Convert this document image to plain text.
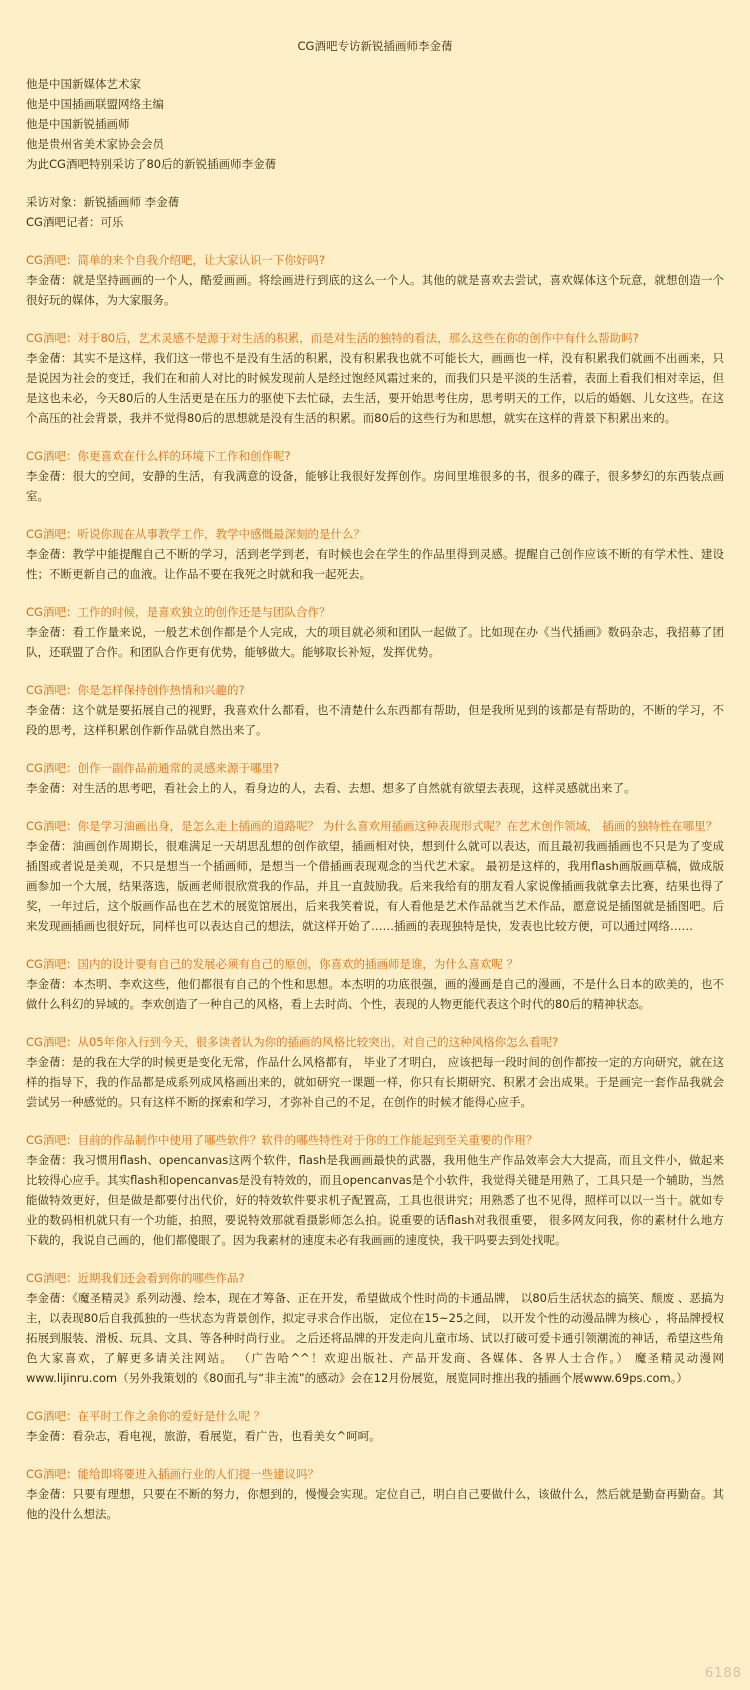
CG酒吧专访新锐插画师李金蒨

他是中国新媒体艺术家

他是中国插画联盟网络主编

他是中国新锐插画师

他是贵州省美术家协会会员

为此CG酒吧特别采访了80后的新锐插画师李金蒨

采访对象：新锐插画师 李金蒨

CG酒吧记者：可乐

CG酒吧：简单的来个自我介绍吧，让大家认识一下你好吗?

李金蒨：就是坚持画画的一个人，酷爱画画。将绘画进行到底的这么一个人。其他的就是喜欢去尝试，喜欢媒体这个玩意，就想创造一个很好玩的媒体，为大家服务。

CG酒吧：对于80后，艺术灵感不是源于对生活的积累，而是对生活的独特的看法，那么这些在你的创作中有什么帮助吗?

李金蒨：其实不是这样，我们这一带也不是没有生活的积累，没有积累我也就不可能长大，画画也一样，没有积累我们就画不出画来，只是说因为社会的变迁，我们在和前人对比的时候发现前人是经过饱经风霜过来的，而我们只是平淡的生活着，表面上看我们相对幸运，但是这也未必，今天80后的人生活更是在压力的驱使下去忙碌，去生活，要开始思考住房，思考明天的工作，以后的婚姻、儿女这些。在这个高压的社会背景，我并不觉得80后的思想就是没有生活的积累。而80后的这些行为和思想，就实在这样的背景下积累出来的。

CG酒吧：你更喜欢在什么样的环境下工作和创作呢?

李金蒨：很大的空间，安静的生活，有我满意的设备，能够让我很好发挥创作。房间里堆很多的书，很多的碟子，很多梦幻的东西装点画室。

CG酒吧：听说你现在从事教学工作，教学中感慨最深刻的是什么？

李金蒨：教学中能提醒自己不断的学习，活到老学到老，有时候也会在学生的作品里得到灵感。提醒自己创作应该不断的有学术性、建设性；不断更新自己的血液。让作品不要在我死之时就和我一起死去。

CG酒吧：工作的时候，是喜欢独立的创作还是与团队合作？

李金蒨：看工作量来说，一般艺术创作都是个人完成，大的项目就必须和团队一起做了。比如现在办《当代插画》数码杂志，我招募了团队，还联盟了合作。和团队合作更有优势，能够做大。能够取长补短，发挥优势。

CG酒吧：你是怎样保持创作热情和兴趣的?

李金蒨：这个就是要拓展自己的视野，我喜欢什么都看，也不清楚什么东西都有帮助，但是我所见到的该都是有帮助的，不断的学习，不段的思考，这样积累创作新作品就自然出来了。

CG酒吧：创作一副作品前通常的灵感来源于哪里?

李金蒨：对生活的思考吧，看社会上的人，看身边的人，去看、去想、想多了自然就有欲望去表现，这样灵感就出来了。

CG酒吧：你是学习油画出身，是怎么走上插画的道路呢？ 为什么喜欢用插画这种表现形式呢？在艺术创作领域， 插画的独特性在哪里？

李金蒨：油画创作周期长，很难满足一天胡思乱想的创作欲望，插画相对快，想到什么就可以表达，而且最初我画插画也不只是为了变成插图或者说是美观，不只是想当一个插画师，是想当一个借插画表现观念的当代艺术家。 最初是这样的，我用flash画版画草稿，做成版画参加一个大展，结果落选，版画老师很欣赏我的作品，并且一直鼓励我。后来我给有的朋友看人家说像插画我就拿去比赛，结果也得了奖，一年过后，这个版画作品也在艺术的展览馆展出，后来我笑着说，有人看他是艺术作品就当艺术作品，愿意说是插图就是插图吧。后来发现画插画也很好玩，同样也可以表达自己的想法，就这样开始了……插画的表现独特是快，发表也比较方便，可以通过网络……

CG酒吧：国内的设计要有自己的发展必须有自己的原创，你喜欢的插画师是谁，为什么喜欢呢 ？

李金蒨：本杰明、李欢这些，他们都很有自己的个性和思想。本杰明的功底很强，画的漫画是自己的漫画，不是什么日本的欧美的，也不做什么科幻的异域的。李欢创造了一种自己的风格，看上去时尚、个性，表现的人物更能代表这个时代的80后的精神状态。

CG酒吧：从05年你入行到今天，很多读者认为你的插画的风格比较突出，对自己的这种风格你怎么看呢?

李金蒨：是的我在大学的时候更是变化无常，作品什么风格都有， 毕业了才明白， 应该把每一段时间的创作都按一定的方向研究，就在这样的指导下，我的作品都是成系列成风格画出来的，就如研究一课题一样，你只有长期研究、积累才会出成果。于是画完一套作品我就会尝试另一种感觉的。只有这样不断的探索和学习，才弥补自己的不足，在创作的时候才能得心应手。

CG酒吧：目前的作品制作中使用了哪些软件？软件的哪些特性对于你的工作能起到至关重要的作用？

李金蒨：我习惯用flash、opencanvas这两个软件，flash是我画画最快的武器，我用他生产作品效率会大大提高，而且文件小，做起来比较得心应手。其实flash和opencanvas是没有特效的，而且opencanvas是个小软件，我觉得关键是用熟了，工具只是一个辅助，当然能做特效更好，但是做是都要付出代价，好的特效软件要求机子配置高，工具也很讲究；用熟悉了也不见得，照样可以以一当十。就如专业的数码相机就只有一个功能，拍照，要说特效那就看摄影师怎么拍。说重要的话flash对我很重要， 很多网友问我，你的素材什么地方下载的，我说自己画的，他们都傻眼了。因为我素材的速度未必有我画画的速度快，我干吗要去到处找呢。

CG酒吧：近期我们还会看到你的哪些作品?

李金蒨：《魔圣精灵》系列动漫、绘本，现在才筹备、正在开发，希望做成个性时尚的卡通品牌， 以80后生活状态的搞笑、颓废 、恶搞为主，以表现80后自我孤独的一些状态为背景创作，拟定寻求合作出版， 定位在15~25之间， 以开发个性的动漫品牌为核心 ，将品牌授权拓展到服装、滑板、玩具、文具、等各种时尚行业。 之后还将品牌的开发走向儿童市场、试以打破可爱卡通引领潮流的神话，希望这些角色大家喜欢，了解更多请关注网站。 （广告哈^^！欢迎出版社、产品开发商、各媒体、各界人士合作。） 魔圣精灵动漫网www.lijinru.com（另外我策划的《80面孔与“非主流”的感动》会在12月份展览，展览同时推出我的插画个展www.69ps.com。）

CG酒吧：在平时工作之余你的爱好是什么呢 ？

李金蒨：看杂志，看电视，旅游，看展览，看广告，也看美女^呵呵。

CG酒吧：能给即将要进入插画行业的人们提一些建议吗？

李金蒨：只要有理想，只要在不断的努力，你想到的，慢慢会实现。定位自己，明白自己要做什么，该做什么，然后就是勤奋再勤奋。其他的没什么想法。

6188
